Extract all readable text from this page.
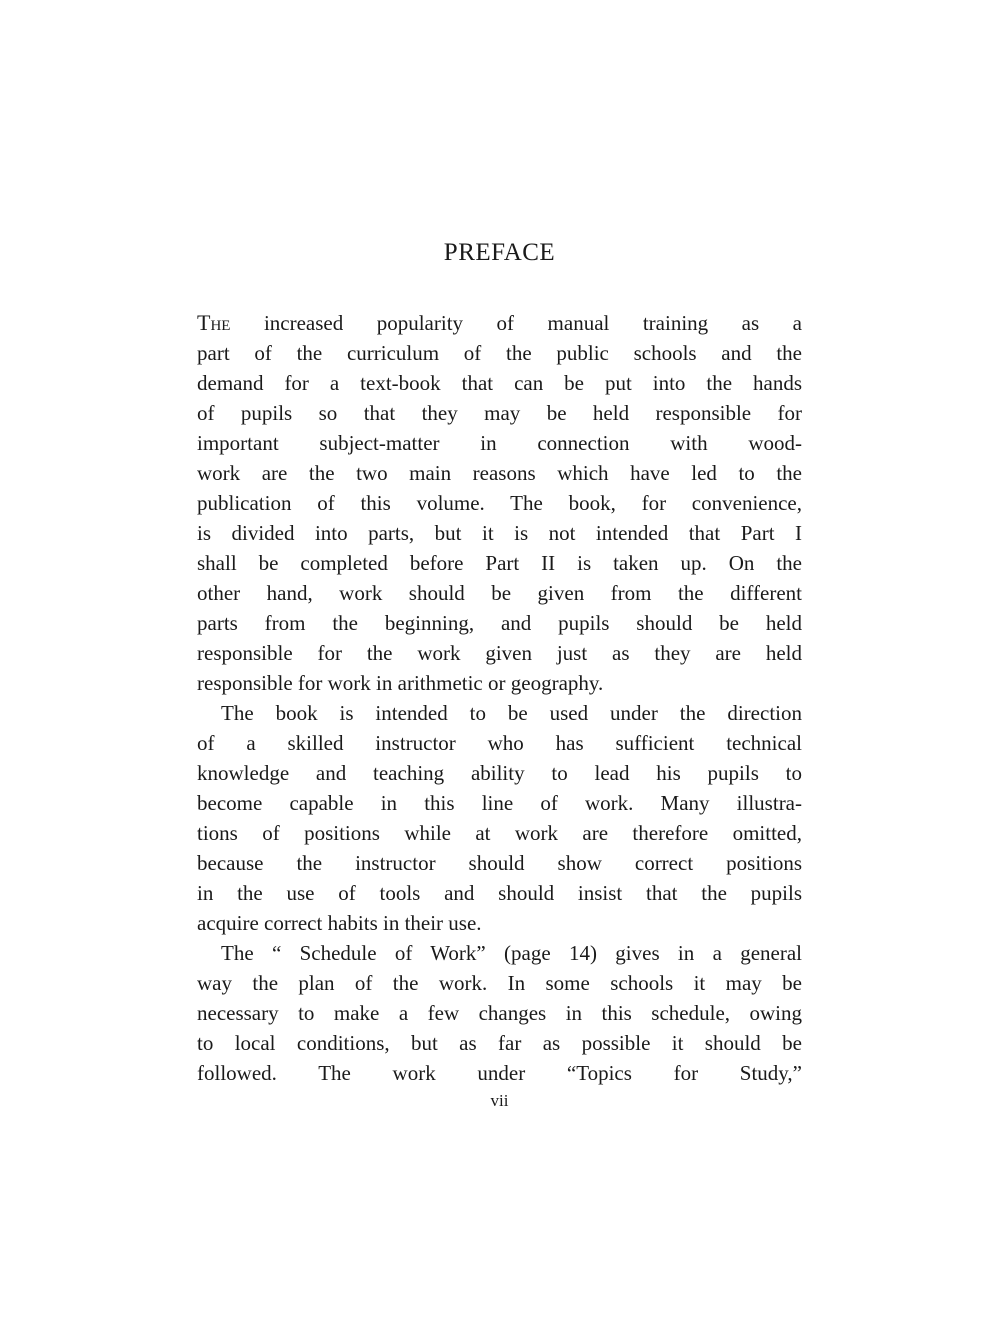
PREFACE
The increased popularity of manual training as a
part of the curriculum of the public schools and the
demand for a text-book that can be put into the hands
of pupils so that they may be held responsible for
important subject-matter in connection with wood-
work are the two main reasons which have led to the
publication of this volume. The book, for convenience,
is divided into parts, but it is not intended that Part I
shall be completed before Part II is taken up. On the
other hand, work should be given from the different
parts from the beginning, and pupils should be held
responsible for the work given just as they are held
responsible for work in arithmetic or geography.
The book is intended to be used under the direction
of a skilled instructor who has sufficient technical
knowledge and teaching ability to lead his pupils to
become capable in this line of work. Many illustra-
tions of positions while at work are therefore omitted,
because the instructor should show correct positions
in the use of tools and should insist that the pupils
acquire correct habits in their use.
The “ Schedule of Work” (page 14) gives in a general
way the plan of the work. In some schools it may be
necessary to make a few changes in this schedule, owing
to local conditions, but as far as possible it should be
followed. The work under “Topics for Study,”
vii
